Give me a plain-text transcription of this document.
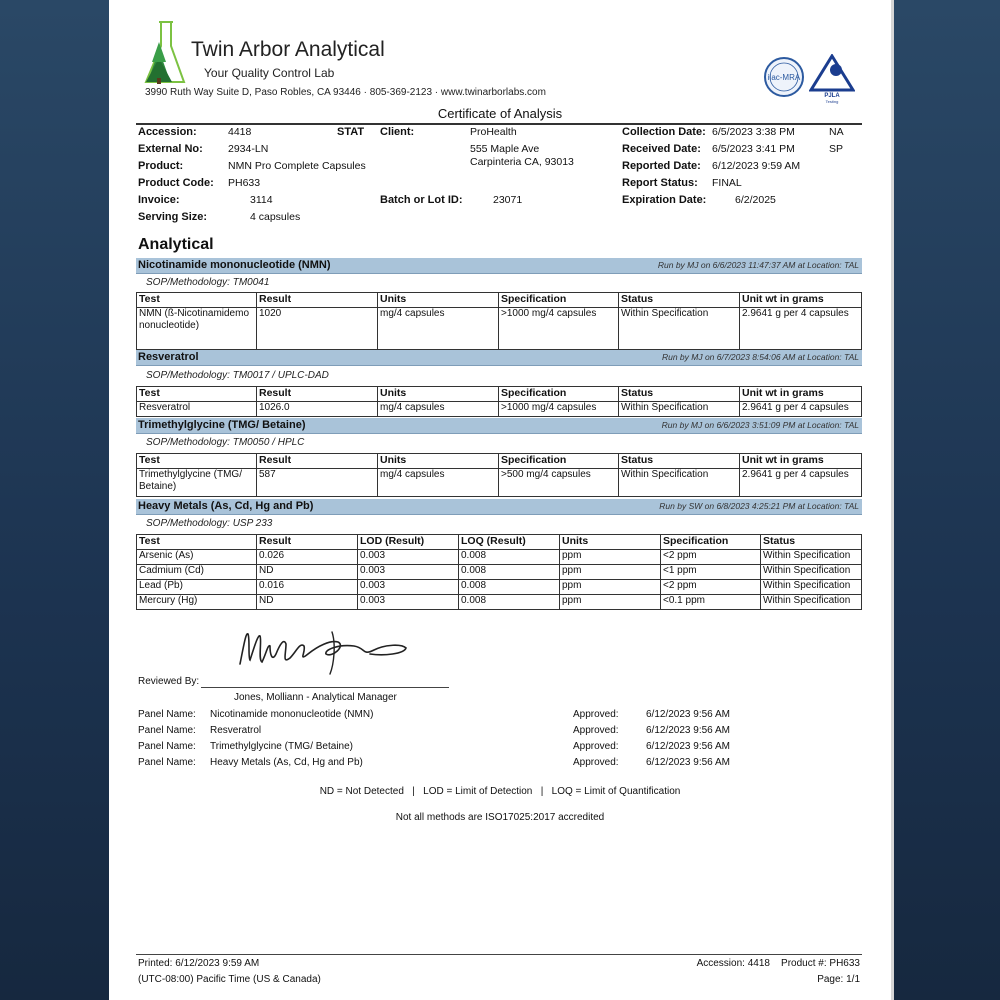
Twin Arbor Analytical
Your Quality Control Lab
3990 Ruth Way Suite D, Paso Robles, CA 93446 · 805-369-2123 · www.twinarborlabs.com
ilac-MRA
PJLA
Testing
Certificate of Analysis
Accession:	4418	STAT
External No: 2934-LN
Product:	NMN Pro Complete Capsules
Product Code: PH633
Invoice:	3114
Serving Size:	4 capsules
Client:	ProHealth
555 Maple Ave
Carpinteria CA, 93013
Batch or Lot ID:	23071
Collection Date: 6/5/2023 3:38 PM	NA
Received Date: 6/5/2023 3:41 PM	SP
Reported Date: 6/12/2023 9:59 AM
Report Status: FINAL
Expiration Date:	6/2/2025
Analytical
Nicotinamide mononucleotide (NMN)	Run by MJ on 6/6/2023 11:47:37 AM at Location: TAL
SOP/Methodology: TM0041
Test	Result	Units	Specification	Status	Unit wt in grams
NMN (ß-Nicotinamidemononucleotide)	1020	mg/4 capsules	>1000 mg/4 capsules	Within Specification	2.9641 g per 4 capsules
Resveratrol	Run by MJ on 6/7/2023 8:54:06 AM at Location: TAL
SOP/Methodology: TM0017 / UPLC-DAD
Test	Result	Units	Specification	Status	Unit wt in grams
Resveratrol	1026.0	mg/4 capsules	>1000 mg/4 capsules	Within Specification	2.9641 g per 4 capsules
Trimethylglycine (TMG/ Betaine)	Run by MJ on 6/6/2023 3:51:09 PM at Location: TAL
SOP/Methodology: TM0050 / HPLC
Test	Result	Units	Specification	Status	Unit wt in grams
Trimethylglycine (TMG/ Betaine)	587	mg/4 capsules	>500 mg/4 capsules	Within Specification	2.9641 g per 4 capsules
Heavy Metals (As, Cd, Hg and Pb)	Run by SW on 6/8/2023 4:25:21 PM at Location: TAL
SOP/Methodology: USP 233
Test	Result	LOD (Result)	LOQ (Result)	Units	Specification	Status
Arsenic (As)	0.026	0.003	0.008	ppm	<2 ppm	Within Specification
Cadmium (Cd)	ND	0.003	0.008	ppm	<1 ppm	Within Specification
Lead (Pb)	0.016	0.003	0.008	ppm	<2 ppm	Within Specification
Mercury (Hg)	ND	0.003	0.008	ppm	<0.1 ppm	Within Specification
Reviewed By:
Jones, Molliann - Analytical Manager
Panel Name: Nicotinamide mononucleotide (NMN)	Approved:	6/12/2023 9:56 AM
Panel Name: Resveratrol	Approved:	6/12/2023 9:56 AM
Panel Name: Trimethylglycine (TMG/ Betaine)	Approved:	6/12/2023 9:56 AM
Panel Name: Heavy Metals (As, Cd, Hg and Pb)	Approved:	6/12/2023 9:56 AM
ND = Not Detected   |   LOD = Limit of Detection   |   LOQ = Limit of Quantification
Not all methods are ISO17025:2017 accredited
Printed: 6/12/2023 9:59 AM
(UTC-08:00) Pacific Time (US & Canada)
Accession: 4418    Product #: PH633
Page: 1/1
